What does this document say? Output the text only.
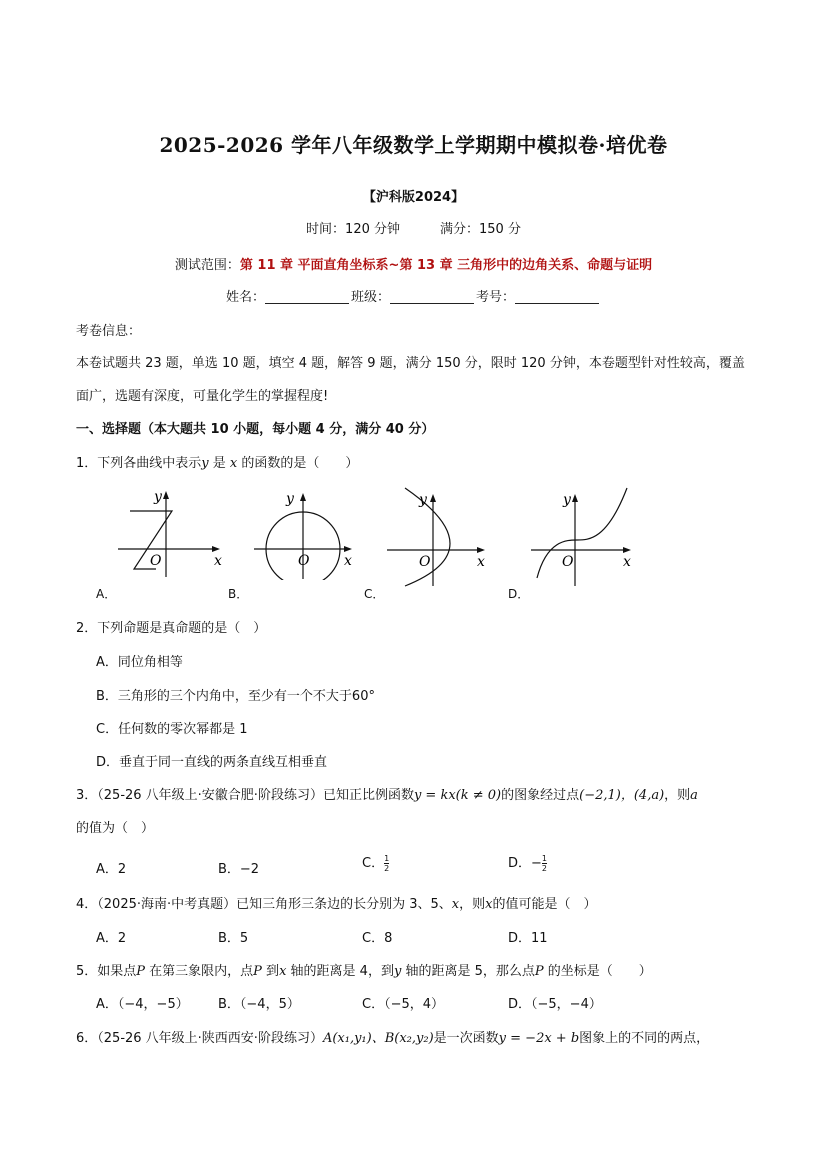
2025-2026 学年八年级数学上学期期中模拟卷·培优卷
【沪科版2024】
时间：120 分钟	满分：150 分
测试范围：第 11 章 平面直角坐标系~第 13 章 三角形中的边角关系、命题与证明
姓名：	班级：	考号：
考卷信息：
本卷试题共 23 题，单选 10 题，填空 4 题，解答 9 题，满分 150 分，限时 120 分钟，本卷题型针对性较高，覆盖
面广，选题有深度，可量化学生的掌握程度!
一、选择题（本大题共 10 小题，每小题 4 分，满分 40 分）
1．下列各曲线中表示y 是 x 的函数的是（　　）
y
x
O
A．
y
x
O
B．
y
x
O
C．
y
x
O
D．
2．下列命题是真命题的是（　）
A．同位角相等
B．三角形的三个内角中，至少有一个不大于60°
C．任何数的零次幂都是 1
D．垂直于同一直线的两条直线互相垂直
3．（25-26 八年级上·安徽合肥·阶段练习）已知正比例函数y = kx(k ≠ 0)的图象经过点(−2,1)，(4,a)，则a
的值为（　）
A．2	B．−2	C． $\frac{1}{2}$	D．− $\frac{1}{2}$
4．（2025·海南·中考真题）已知三角形三条边的长分别为 3、5、x，则x的值可能是（　）
A．2	B．5	C．8	D．11
5．如果点P 在第三象限内，点P 到x 轴的距离是 4，到y 轴的距离是 5，那么点P 的坐标是（　　）
A．（−4，−5） B．（−4，5）	C．（−5，4）	D．（−5，−4）
6．（25-26 八年级上·陕西西安·阶段练习）A(x₁,y₁)、B(x₂,y₂)是一次函数y = −2x + b图象上的不同的两点，
